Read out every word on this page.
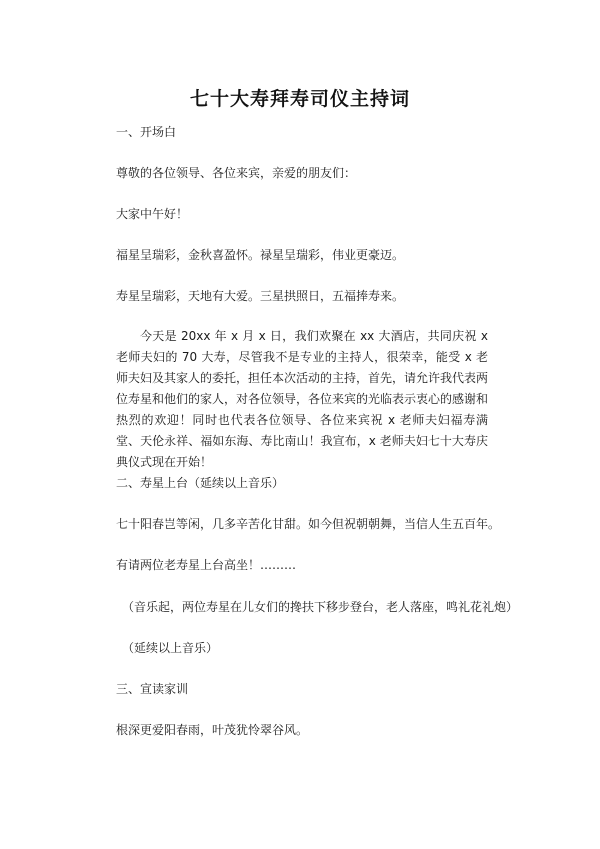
七十大寿拜寿司仪主持词

一、开场白

尊敬的各位领导、各位来宾，亲爱的朋友们：

大家中午好！

福星呈瑞彩，金秋喜盈怀。禄星呈瑞彩，伟业更豪迈。

寿星呈瑞彩，天地有大爱。三星拱照日，五福捧寿来。

今天是 20xx 年 x 月 x 日，我们欢聚在 xx 大酒店，共同庆祝 x 老师夫妇的 70 大寿，尽管我不是专业的主持人，很荣幸，能受 x 老师夫妇及其家人的委托，担任本次活动的主持，首先，请允许我代表两位寿星和他们的家人，对各位领导，各位来宾的光临表示衷心的感谢和热烈的欢迎！同时也代表各位领导、各位来宾祝 x 老师夫妇福寿满堂、天伦永祥、福如东海、寿比南山！我宣布，x 老师夫妇七十大寿庆典仪式现在开始！

二、寿星上台（延续以上音乐）

七十阳春岂等闲，几多辛苦化甘甜。如今但祝朝朝舞，当信人生五百年。

有请两位老寿星上台高坐！………

（音乐起，两位寿星在儿女们的搀扶下移步登台，老人落座，鸣礼花礼炮）

（延续以上音乐）

三、宣读家训

根深更爱阳春雨，叶茂犹怜翠谷风。
